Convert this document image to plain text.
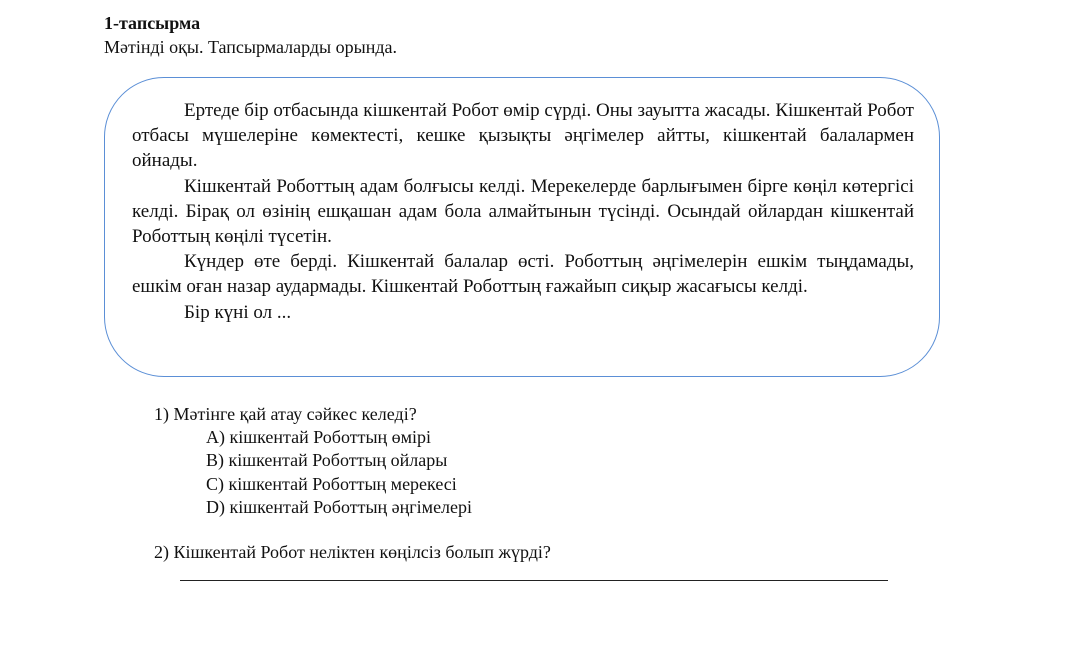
1-тапсырма

Мәтінді оқы. Тапсырмаларды орында.

Ертеде бір отбасында кішкентай Робот өмір сүрді. Оны зауытта жасады. Кішкентай Робот отбасы мүшелеріне көмектесті, кешке қызықты әңгімелер айтты, кішкентай балалармен ойнады.

Кішкентай Роботтың адам болғысы келді. Мерекелерде барлығымен бірге көңіл көтергісі келді. Бірақ ол өзінің ешқашан адам бола алмайтынын түсінді. Осындай ойлардан кішкентай Роботтың көңілі түсетін.

Күндер өте берді. Кішкентай балалар өсті. Роботтың әңгімелерін ешкім тыңдамады, ешкім оған назар аудармады. Кішкентай Роботтың ғажайып сиқыр жасағысы келді.

Бір күні ол ...

1) Мәтінге қай атау сәйкес келеді?

A) кішкентай Роботтың өмірі
B) кішкентай Роботтың ойлары
C) кішкентай Роботтың мерекесі
D) кішкентай Роботтың әңгімелері

2) Кішкентай Робот неліктен көңілсіз болып жүрді?
